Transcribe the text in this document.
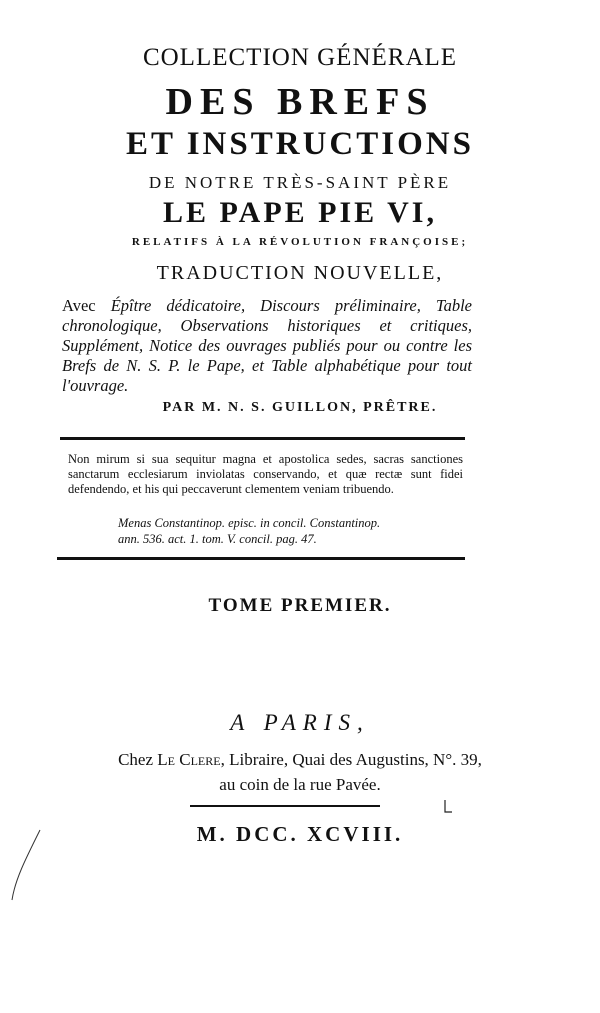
COLLECTION GÉNÉRALE
DES BREFS
ET INSTRUCTIONS
DE NOTRE TRÈS-SAINT PÈRE
LE PAPE PIE VI,
RELATIFS À LA RÉVOLUTION FRANÇOISE;
TRADUCTION NOUVELLE,
Avec Épître dédicatoire, Discours préliminaire, Table chronologique, Observations historiques et critiques, Supplément, Notice des ouvrages publiés pour ou contre les Brefs de N. S. P. le Pape, et Table alphabétique pour tout l'ouvrage.
PAR M. N. S. GUILLON, PRÊTRE.
Non mirum si sua sequitur magna et apostolica sedes, sacras sanctiones sanctarum ecclesiarum inviolatas conservando, et quæ rectæ sunt fidei defendendo, et his qui peccaverunt clementem veniam tribuendo.
Menas Constantinop. episc. in concil. Constantinop.
ann. 536. act. 1. tom. V. concil. pag. 47.
TOME PREMIER.
A PARIS,
Chez Le Clere, Libraire, Quai des Augustins, N°. 39,
au coin de la rue Pavée.
M. DCC. XCVIII.
